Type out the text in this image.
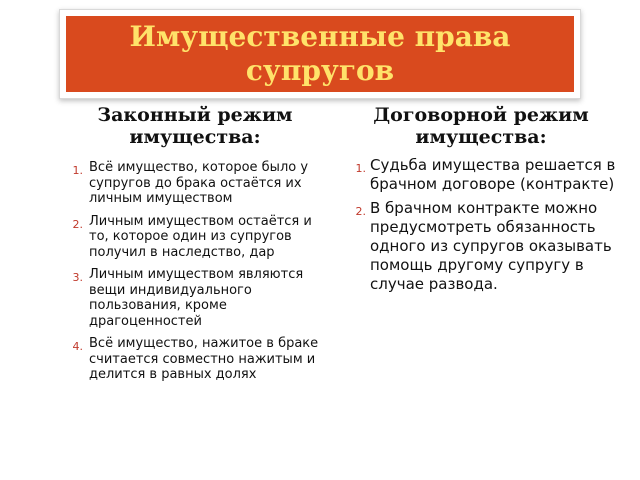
Имущественные права супругов
Законный режим имущества:
Договорной режим имущества:
1. Всё имущество, которое было у супругов до брака остаётся их личным имуществом
2. Личным имуществом остаётся и то, которое один из супругов получил в наследство, дар
3. Личным имуществом являются вещи индивидуального пользования, кроме драгоценностей
4. Всё имущество, нажитое в браке считается совместно нажитым и делится в равных долях
1. Судьба имущества решается в брачном договоре (контракте)
2. В брачном контракте можно предусмотреть обязанность одного из супругов оказывать помощь другому супругу в случае развода.
